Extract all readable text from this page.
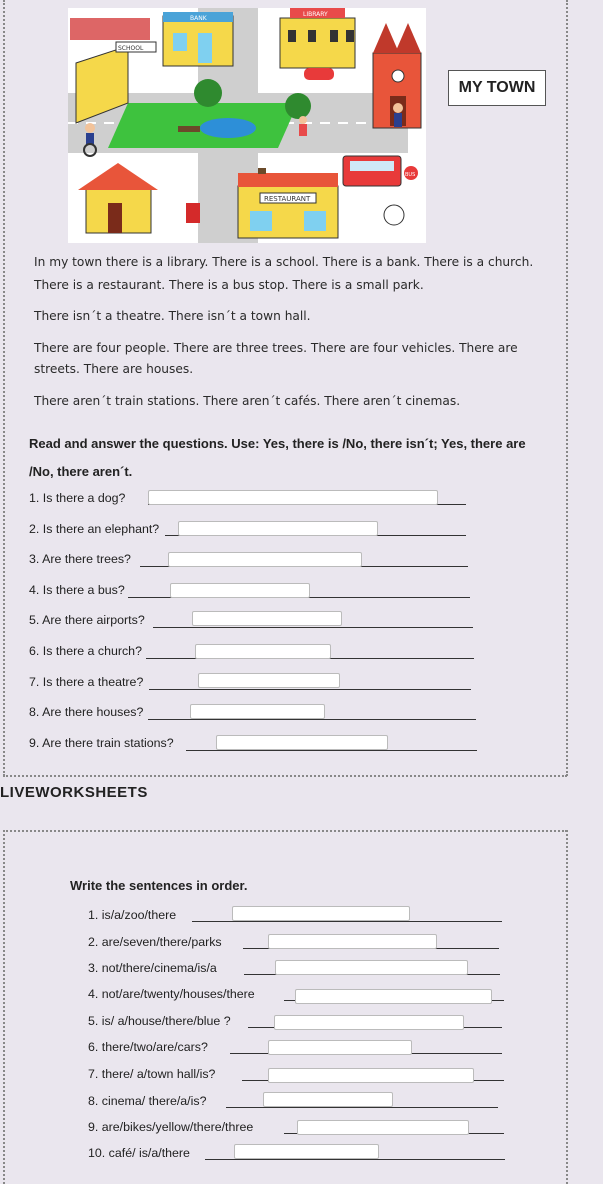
BANK
LIBRARY
SCHOOL
RESTAURANT
BUS
MY TOWN
In my town there is a library. There is a school. There is a bank. There is a church.
There is a restaurant. There is a bus stop. There is a small park.
There isn´t a theatre. There isn´t a town hall.
There are four people. There are three trees. There are four vehicles. There are
streets. There are houses.
There aren´t train stations. There aren´t cafés. There aren´t cinemas.
Read and answer the questions. Use: Yes, there is /No, there isn´t; Yes, there are
/No, there aren´t.
1. Is there a dog?
2. Is there an elephant?
3. Are there trees?
4. Is there a bus?
5. Are there airports?
6. Is there a church?
7. Is there a theatre?
8. Are there houses?
9. Are there train stations?
LIVEWORKSHEETS
Write the sentences in order.
1. is/a/zoo/there
2. are/seven/there/parks
3. not/there/cinema/is/a
4. not/are/twenty/houses/there
5. is/ a/house/there/blue ?
6. there/two/are/cars?
7. there/ a/town hall/is?
8. cinema/ there/a/is?
9. are/bikes/yellow/there/three
10. café/ is/a/there
